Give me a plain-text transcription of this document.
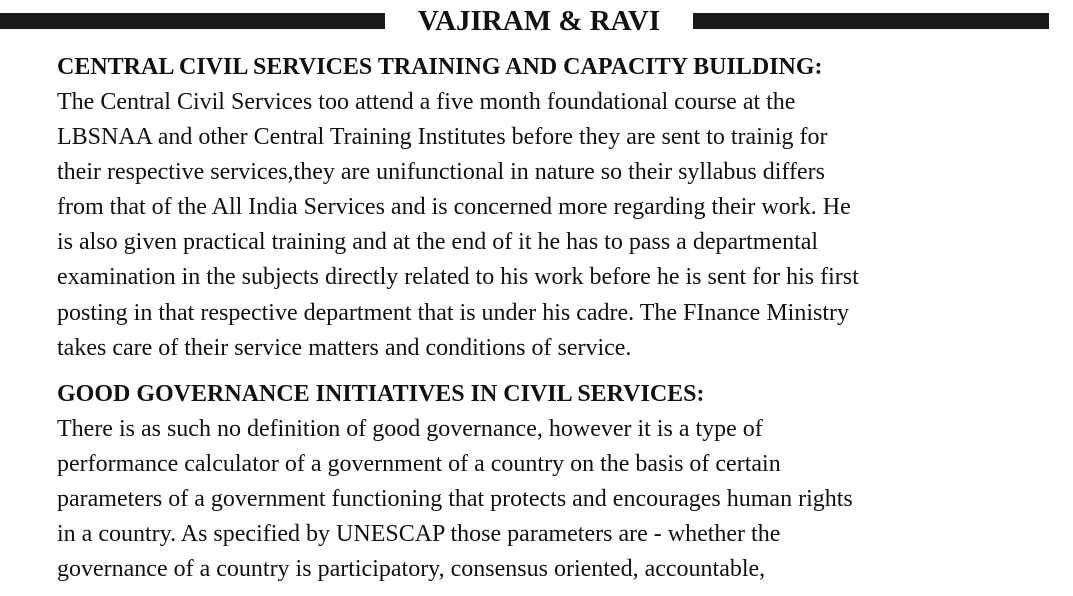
VAJIRAM & RAVI
CENTRAL CIVIL SERVICES TRAINING AND CAPACITY BUILDING:

The Central Civil Services too attend a five month foundational course at the

LBSNAA and other Central Training Institutes before they are sent to trainig for

their respective services,they are unifunctional in nature so their syllabus differs

from that of the All India Services and is concerned more regarding their work. He

is also given practical training and at the end of it he has to pass a departmental

examination in the subjects directly related to his work before he is sent for his first

posting in that respective department that is under his cadre. The FInance Ministry

takes care of their service matters and conditions of service.

GOOD GOVERNANCE INITIATIVES IN CIVIL SERVICES:

There is as such no definition of good governance, however it is a type of

performance calculator of a government of a country on the basis of certain

parameters of a government functioning that protects and encourages human rights

in a country. As specified by UNESCAP those parameters are - whether the

governance of a country is participatory, consensus oriented, accountable,
